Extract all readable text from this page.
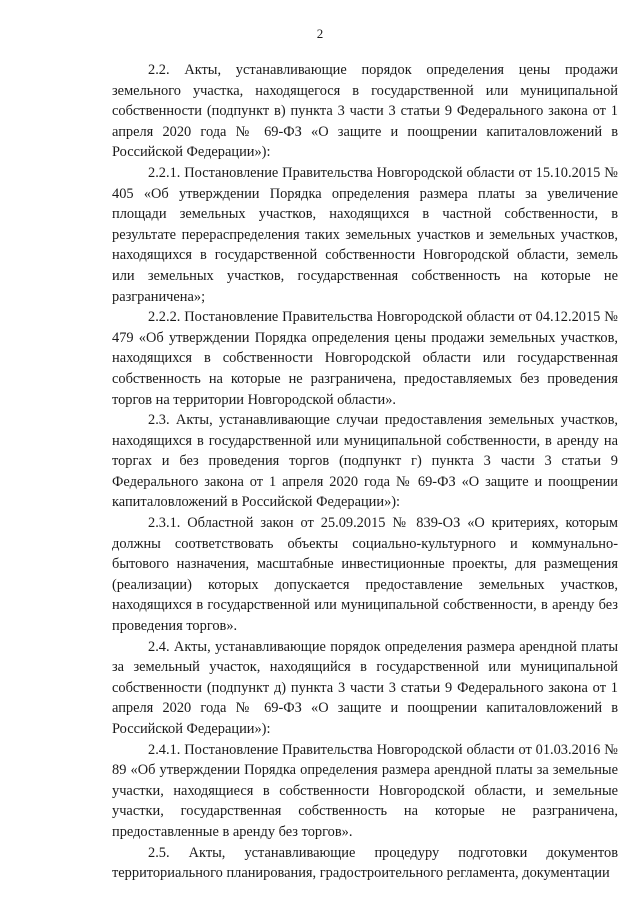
2

2.2. Акты, устанавливающие порядок определения цены продажи земельного участка, находящегося в государственной или муниципальной собственности (подпункт в) пункта 3 части 3 статьи 9 Федерального закона от 1 апреля 2020 года № 69-ФЗ «О защите и поощрении капиталовложений в Российской Федерации»):

2.2.1. Постановление Правительства Новгородской области от 15.10.2015 № 405 «Об утверждении Порядка определения размера платы за увеличение площади земельных участков, находящихся в частной собственности, в результате перераспределения таких земельных участков и земельных участков, находящихся в государственной собственности Новгородской области, земель или земельных участков, государственная собственность на которые не разграничена»;

2.2.2. Постановление Правительства Новгородской области от 04.12.2015 № 479 «Об утверждении Порядка определения цены продажи земельных участков, находящихся в собственности Новгородской области или государственная собственность на которые не разграничена, предоставляемых без проведения торгов на территории Новгородской области».

2.3. Акты, устанавливающие случаи предоставления земельных участков, находящихся в государственной или муниципальной собственности, в аренду на торгах и без проведения торгов (подпункт г) пункта 3 части 3 статьи 9 Федерального закона от 1 апреля 2020 года № 69-ФЗ «О защите и поощрении капиталовложений в Российской Федерации»):

2.3.1. Областной закон от 25.09.2015 № 839-ОЗ «О критериях, которым должны соответствовать объекты социально-культурного и коммунально-бытового назначения, масштабные инвестиционные проекты, для размещения (реализации) которых допускается предоставление земельных участков, находящихся в государственной или муниципальной собственности, в аренду без проведения торгов».

2.4. Акты, устанавливающие порядок определения размера арендной платы за земельный участок, находящийся в государственной или муниципальной собственности (подпункт д) пункта 3 части 3 статьи 9 Федерального закона от 1 апреля 2020 года № 69-ФЗ «О защите и поощрении капиталовложений в Российской Федерации»):

2.4.1. Постановление Правительства Новгородской области от 01.03.2016 № 89 «Об утверждении Порядка определения размера арендной платы за земельные участки, находящиеся в собственности Новгородской области, и земельные участки, государственная собственность на которые не разграничена, предоставленные в аренду без торгов».

2.5. Акты, устанавливающие процедуру подготовки документов территориального планирования, градостроительного регламента, документации
